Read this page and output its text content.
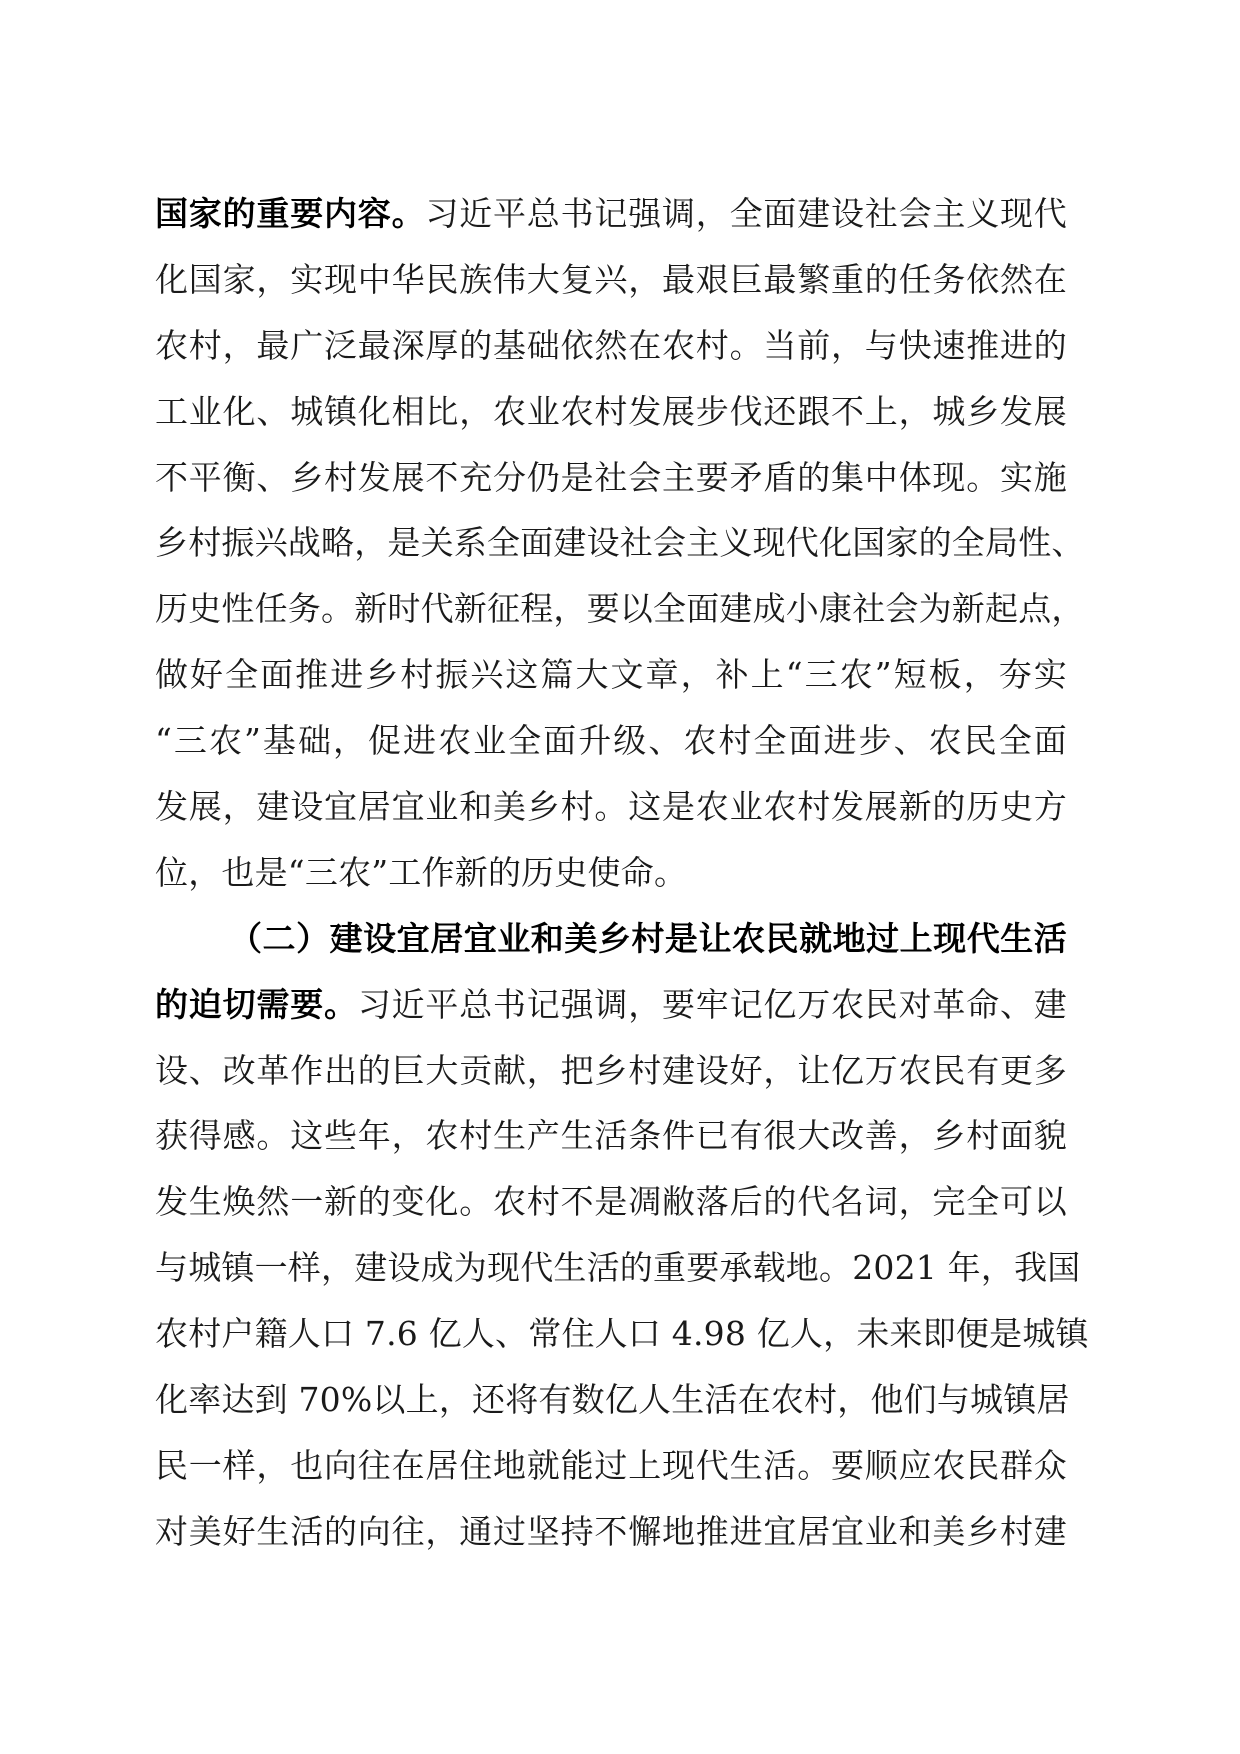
国家的重要内容。习近平总书记强调，全面建设社会主义现代
化国家，实现中华民族伟大复兴，最艰巨最繁重的任务依然在
农村，最广泛最深厚的基础依然在农村。当前，与快速推进的
工业化、城镇化相比，农业农村发展步伐还跟不上，城乡发展
不平衡、乡村发展不充分仍是社会主要矛盾的集中体现。实施
乡村振兴战略，是关系全面建设社会主义现代化国家的全局性、
历史性任务。新时代新征程，要以全面建成小康社会为新起点，
做好全面推进乡村振兴这篇大文章，补上“三农”短板，夯实
“三农”基础，促进农业全面升级、农村全面进步、农民全面
发展，建设宜居宜业和美乡村。这是农业农村发展新的历史方
位，也是“三农”工作新的历史使命。
（二）建设宜居宜业和美乡村是让农民就地过上现代生活
的迫切需要。习近平总书记强调，要牢记亿万农民对革命、建
设、改革作出的巨大贡献，把乡村建设好，让亿万农民有更多
获得感。这些年，农村生产生活条件已有很大改善，乡村面貌
发生焕然一新的变化。农村不是凋敝落后的代名词，完全可以
与城镇一样，建设成为现代生活的重要承载地。2021 年，我国
农村户籍人口 7.6 亿人、常住人口 4.98 亿人，未来即便是城镇
化率达到 70%以上，还将有数亿人生活在农村，他们与城镇居
民一样，也向往在居住地就能过上现代生活。要顺应农民群众
对美好生活的向往，通过坚持不懈地推进宜居宜业和美乡村建
